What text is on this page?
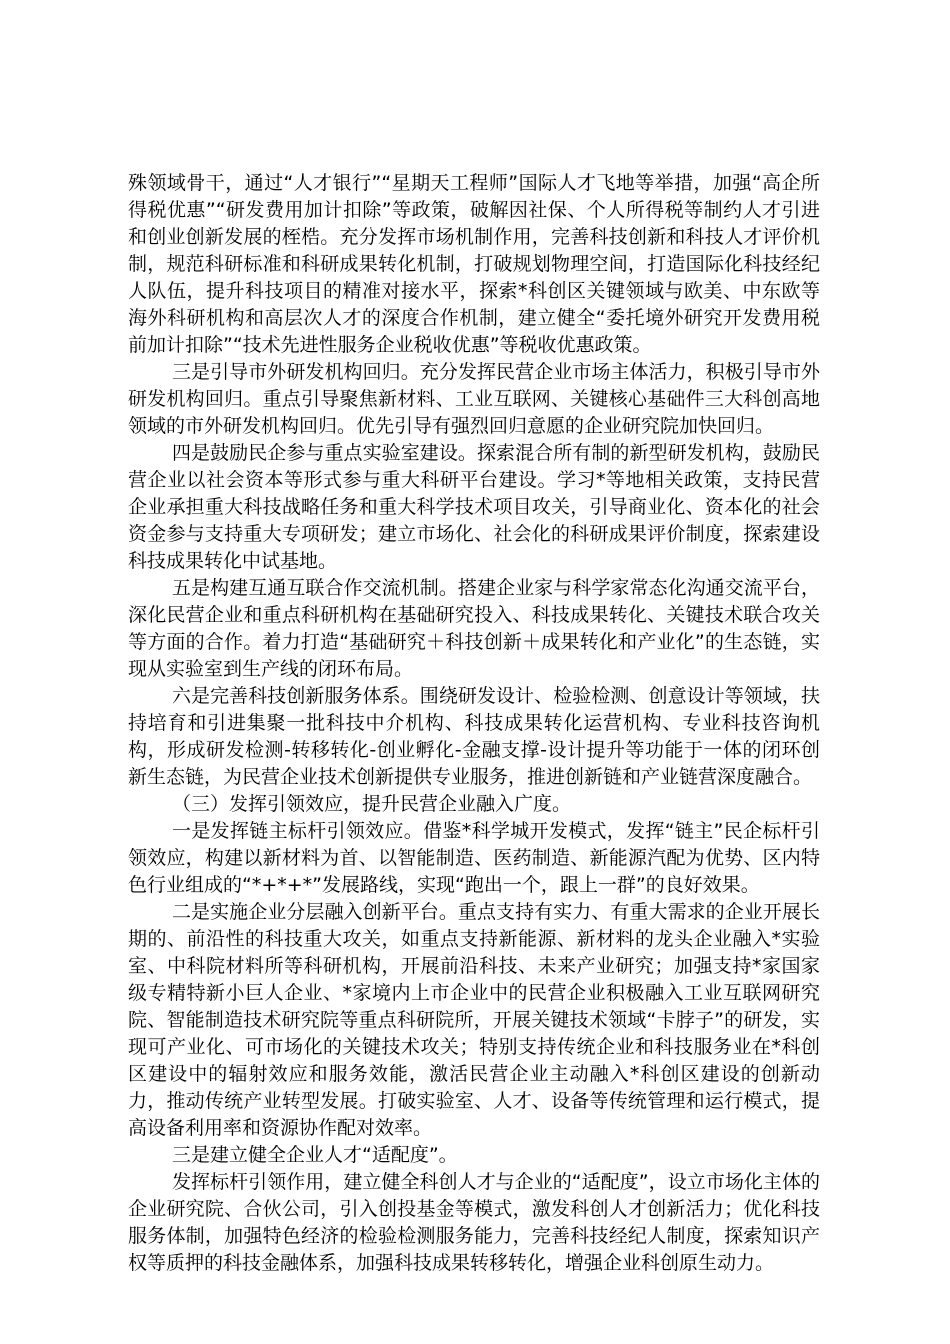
殊领域骨干，通过“人才银行”“星期天工程师”国际人才飞地等举措，加强“高企所得税优惠”“研发费用加计扣除”等政策，破解因社保、个人所得税等制约人才引进和创业创新发展的桎梏。充分发挥市场机制作用，完善科技创新和科技人才评价机制，规范科研标准和科研成果转化机制，打破规划物理空间，打造国际化科技经纪人队伍，提升科技项目的精准对接水平，探索*科创区关键领域与欧美、中东欧等海外科研机构和高层次人才的深度合作机制，建立健全“委托境外研究开发费用税前加计扣除”“技术先进性服务企业税收优惠”等税收优惠政策。

三是引导市外研发机构回归。充分发挥民营企业市场主体活力，积极引导市外研发机构回归。重点引导聚焦新材料、工业互联网、关键核心基础件三大科创高地领域的市外研发机构回归。优先引导有强烈回归意愿的企业研究院加快回归。

四是鼓励民企参与重点实验室建设。探索混合所有制的新型研发机构，鼓励民营企业以社会资本等形式参与重大科研平台建设。学习*等地相关政策，支持民营企业承担重大科技战略任务和重大科学技术项目攻关，引导商业化、资本化的社会资金参与支持重大专项研发；建立市场化、社会化的科研成果评价制度，探索建设科技成果转化中试基地。

五是构建互通互联合作交流机制。搭建企业家与科学家常态化沟通交流平台，深化民营企业和重点科研机构在基础研究投入、科技成果转化、关键技术联合攻关等方面的合作。着力打造“基础研究＋科技创新＋成果转化和产业化”的生态链，实现从实验室到生产线的闭环布局。

六是完善科技创新服务体系。围绕研发设计、检验检测、创意设计等领域，扶持培育和引进集聚一批科技中介机构、科技成果转化运营机构、专业科技咨询机构，形成研发检测-转移转化-创业孵化-金融支撑-设计提升等功能于一体的闭环创新生态链，为民营企业技术创新提供专业服务，推进创新链和产业链营深度融合。

（三）发挥引领效应，提升民营企业融入广度。

一是发挥链主标杆引领效应。借鉴*科学城开发模式，发挥“链主”民企标杆引领效应，构建以新材料为首、以智能制造、医药制造、新能源汽配为优势、区内特色行业组成的“*+*+*”发展路线，实现“跑出一个，跟上一群”的良好效果。

二是实施企业分层融入创新平台。重点支持有实力、有重大需求的企业开展长期的、前沿性的科技重大攻关，如重点支持新能源、新材料的龙头企业融入*实验室、中科院材料所等科研机构，开展前沿科技、未来产业研究；加强支持*家国家级专精特新小巨人企业、*家境内上市企业中的民营企业积极融入工业互联网研究院、智能制造技术研究院等重点科研院所，开展关键技术领域“卡脖子”的研发，实现可产业化、可市场化的关键技术攻关；特别支持传统企业和科技服务业在*科创区建设中的辐射效应和服务效能，激活民营企业主动融入*科创区建设的创新动力，推动传统产业转型发展。打破实验室、人才、设备等传统管理和运行模式，提高设备利用率和资源协作配对效率。

三是建立健全企业人才“适配度”。

发挥标杆引领作用，建立健全科创人才与企业的“适配度”，设立市场化主体的企业研究院、合伙公司，引入创投基金等模式，激发科创人才创新活力；优化科技服务体制，加强特色经济的检验检测服务能力，完善科技经纪人制度，探索知识产权等质押的科技金融体系，加强科技成果转移转化，增强企业科创原生动力。
